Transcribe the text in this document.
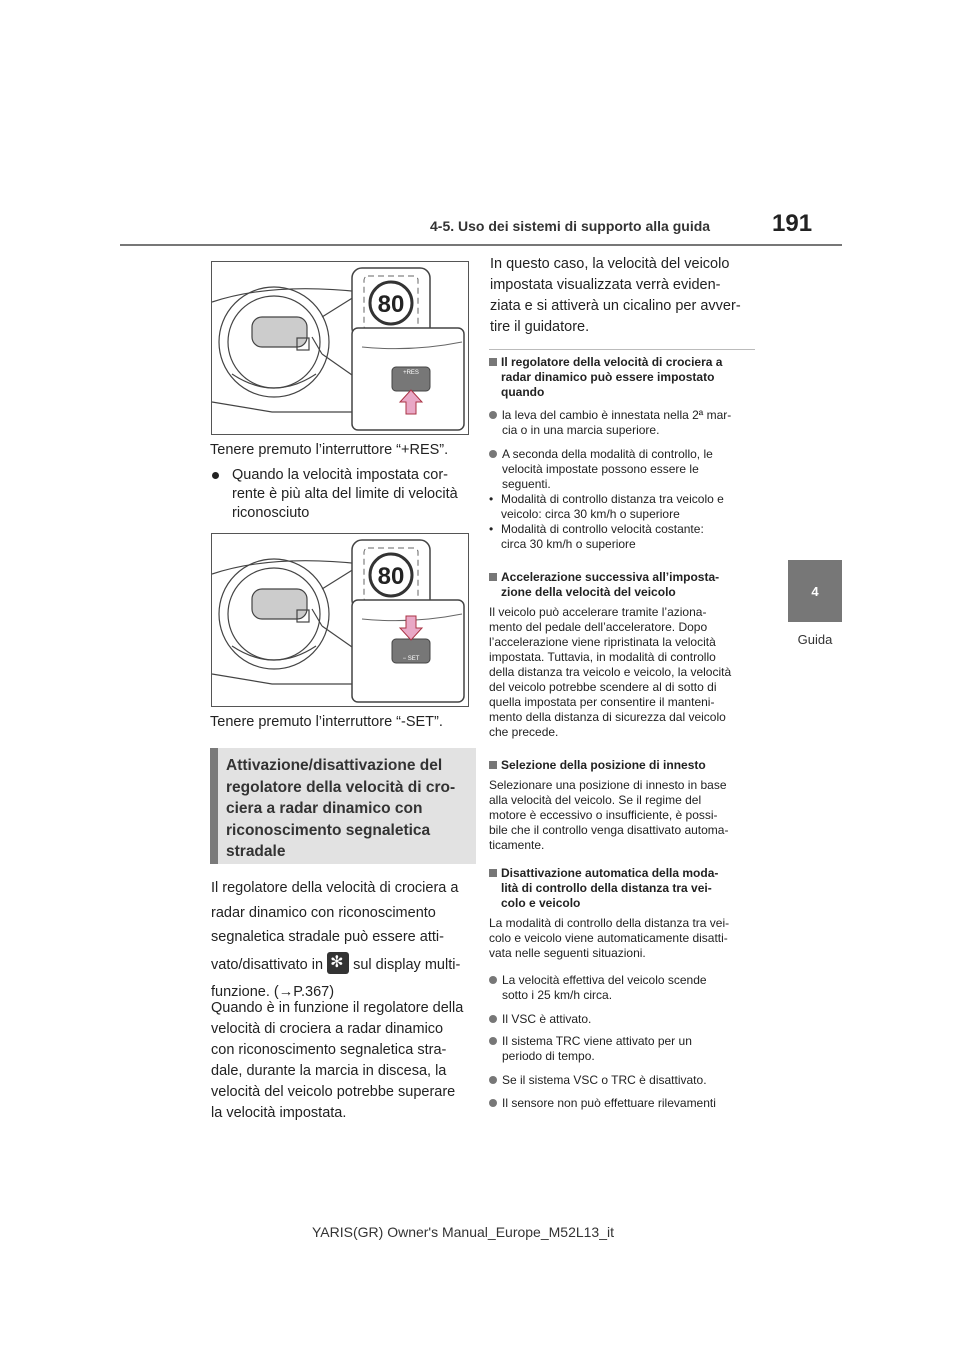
4-5. Uso dei sistemi di supporto alla guida	191
4
Guida
80
+RES
Tenere premuto l’interruttore “+RES”.
Quando la velocità impostata cor-
rente è più alta del limite di velocità
riconosciuto
80
− SET
Tenere premuto l’interruttore “-SET”.
Attivazione/disattivazione del
regolatore della velocità di cro-
ciera a radar dinamico con
riconoscimento segnaletica
stradale
Il regolatore della velocità di crociera a
radar dinamico con riconoscimento
segnaletica stradale può essere atti-
vato/disattivato in ✻ sul display multi-
funzione. (→P.367)
Quando è in funzione il regolatore della
velocità di crociera a radar dinamico
con riconoscimento segnaletica stra-
dale, durante la marcia in discesa, la
velocità del veicolo potrebbe superare
la velocità impostata.
In questo caso, la velocità del veicolo
impostata visualizzata verrà eviden-
ziata e si attiverà un cicalino per avver-
tire il guidatore.
Il regolatore della velocità di crociera a
radar dinamico può essere impostato
quando
la leva del cambio è innestata nella 2ª mar-
cia o in una marcia superiore.
A seconda della modalità di controllo, le
velocità impostate possono essere le
seguenti.
• Modalità di controllo distanza tra veicolo e
veicolo: circa 30 km/h o superiore
• Modalità di controllo velocità costante:
circa 30 km/h o superiore
Accelerazione successiva all’imposta-
zione della velocità del veicolo
Il veicolo può accelerare tramite l’aziona-
mento del pedale dell’acceleratore. Dopo
l’accelerazione viene ripristinata la velocità
impostata. Tuttavia, in modalità di controllo
della distanza tra veicolo e veicolo, la velocità
del veicolo potrebbe scendere al di sotto di
quella impostata per consentire il manteni-
mento della distanza di sicurezza dal veicolo
che precede.
Selezione della posizione di innesto
Selezionare una posizione di innesto in base
alla velocità del veicolo. Se il regime del
motore è eccessivo o insufficiente, è possi-
bile che il controllo venga disattivato automa-
ticamente.
Disattivazione automatica della moda-
lità di controllo della distanza tra vei-
colo e veicolo
La modalità di controllo della distanza tra vei-
colo e veicolo viene automaticamente disatti-
vata nelle seguenti situazioni.
La velocità effettiva del veicolo scende
sotto i 25 km/h circa.
Il VSC è attivato.
Il sistema TRC viene attivato per un
periodo di tempo.
Se il sistema VSC o TRC è disattivato.
Il sensore non può effettuare rilevamenti
YARIS(GR) Owner's Manual_Europe_M52L13_it
